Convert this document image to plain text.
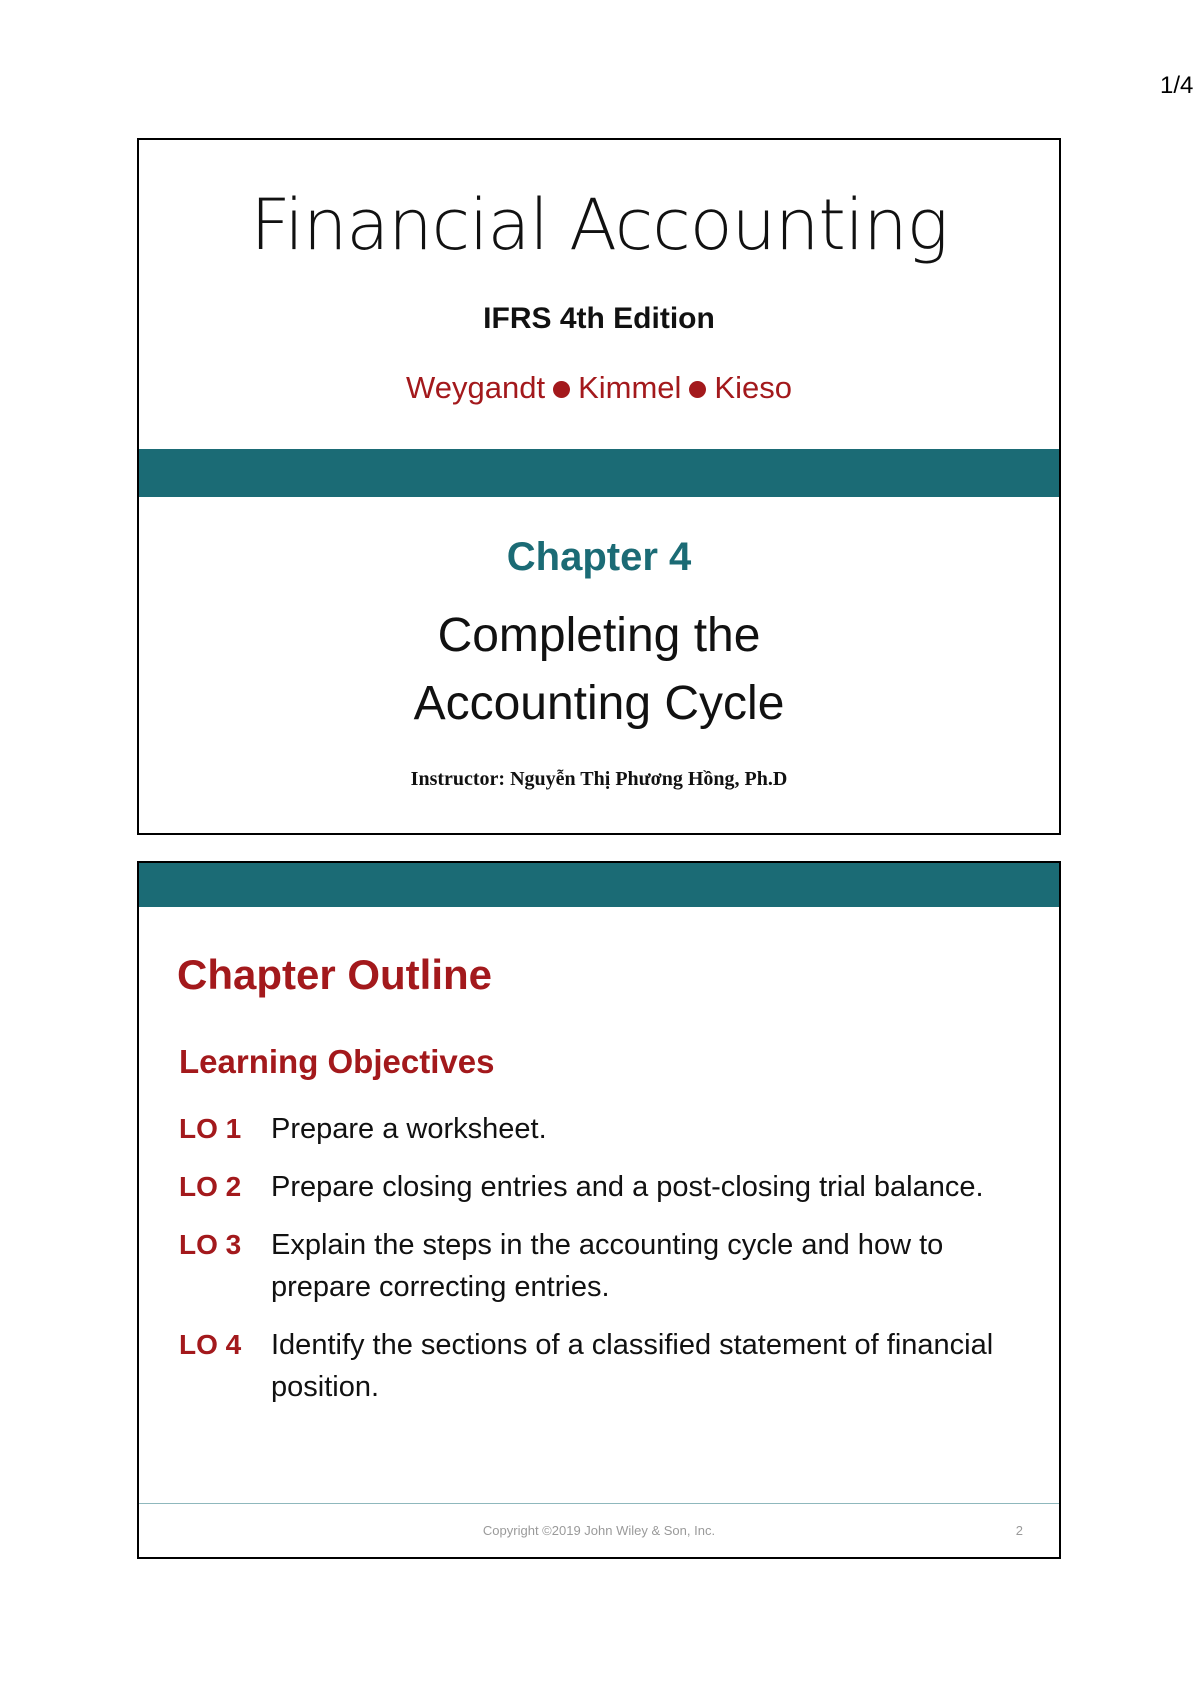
1/4
Financial Accounting
IFRS 4th Edition
Weygandt Kimmel Kieso
Chapter 4
Completing the
Accounting Cycle
Instructor: Nguyễn Thị Phương Hồng, Ph.D
Chapter Outline
Learning Objectives
LO 1	Prepare a worksheet.
LO 2	Prepare closing entries and a post-closing trial balance.
LO 3	Explain the steps in the accounting cycle and how to prepare correcting entries.
LO 4	Identify the sections of a classified statement of financial position.
Copyright ©2019 John Wiley & Son, Inc.	2
